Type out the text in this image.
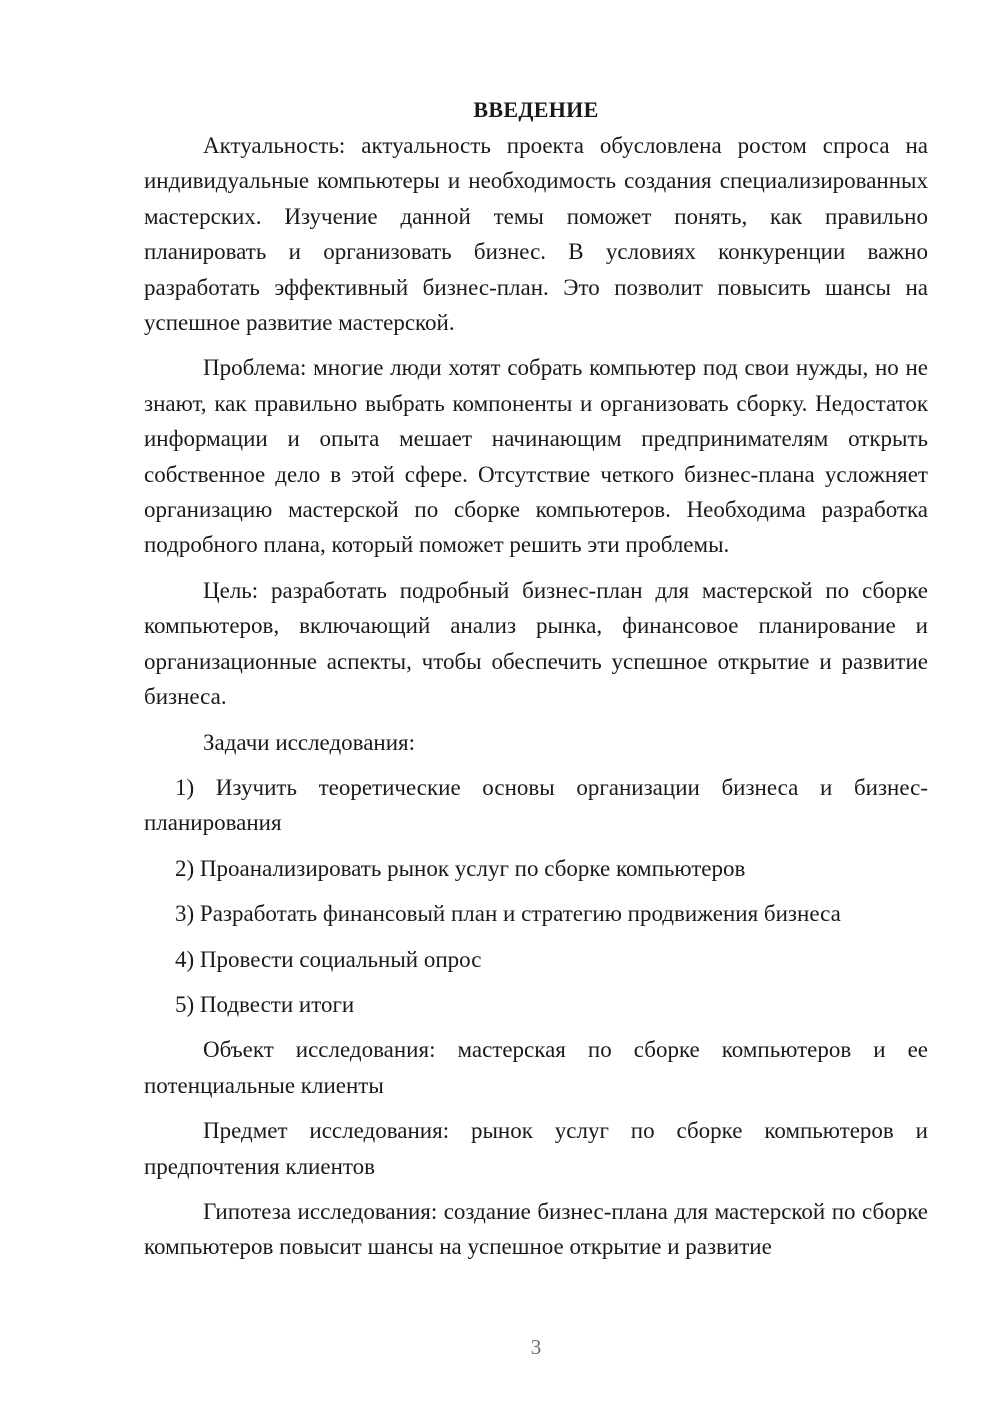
ВВЕДЕНИЕ

Актуальность: актуальность проекта обусловлена ростом спроса на индивидуальные компьютеры и необходимость создания специализированных мастерских. Изучение данной темы поможет понять, как правильно планировать и организовать бизнес. В условиях конкуренции важно разработать эффективный бизнес-план. Это позволит повысить шансы на успешное развитие мастерской.

Проблема: многие люди хотят собрать компьютер под свои нужды, но не знают, как правильно выбрать компоненты и организовать сборку. Недостаток информации и опыта мешает начинающим предпринимателям открыть собственное дело в этой сфере. Отсутствие четкого бизнес-плана усложняет организацию мастерской по сборке компьютеров. Необходима разработка подробного плана, который поможет решить эти проблемы.

Цель: разработать подробный бизнес-план для мастерской по сборке компьютеров, включающий анализ рынка, финансовое планирование и организационные аспекты, чтобы обеспечить успешное открытие и развитие бизнеса.

Задачи исследования:

1) Изучить теоретические основы организации бизнеса и бизнес-планирования

2) Проанализировать рынок услуг по сборке компьютеров

3) Разработать финансовый план и стратегию продвижения бизнеса

4) Провести социальный опрос

5) Подвести итоги

Объект исследования: мастерская по сборке компьютеров и ее потенциальные клиенты

Предмет исследования: рынок услуг по сборке компьютеров и предпочтения клиентов

Гипотеза исследования: создание бизнес-плана для мастерской по сборке компьютеров повысит шансы на успешное открытие и развитие

3
